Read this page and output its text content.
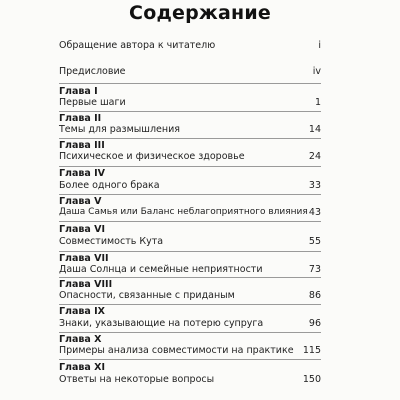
Содержание
Обращение автора к читателю	i
Предисловие	iv
Глава I
Первые шаги	1
Глава II
Темы для размышления	14
Глава III
Психическое и физическое здоровье	24
Глава IV
Более одного брака	33
Глава V
Даша Самья или Баланс неблагоприятного влияния 43
Глава VI
Совместимость Кута	55
Глава VII
Даша Солнца и семейные неприятности	73
Глава VIII
Опасности, связанные с приданым	86
Глава IX
Знаки, указывающие на потерю супруга	96
Глава X
Примеры анализа совместимости на практике 115
Глава XI
Ответы на некоторые вопросы	150
